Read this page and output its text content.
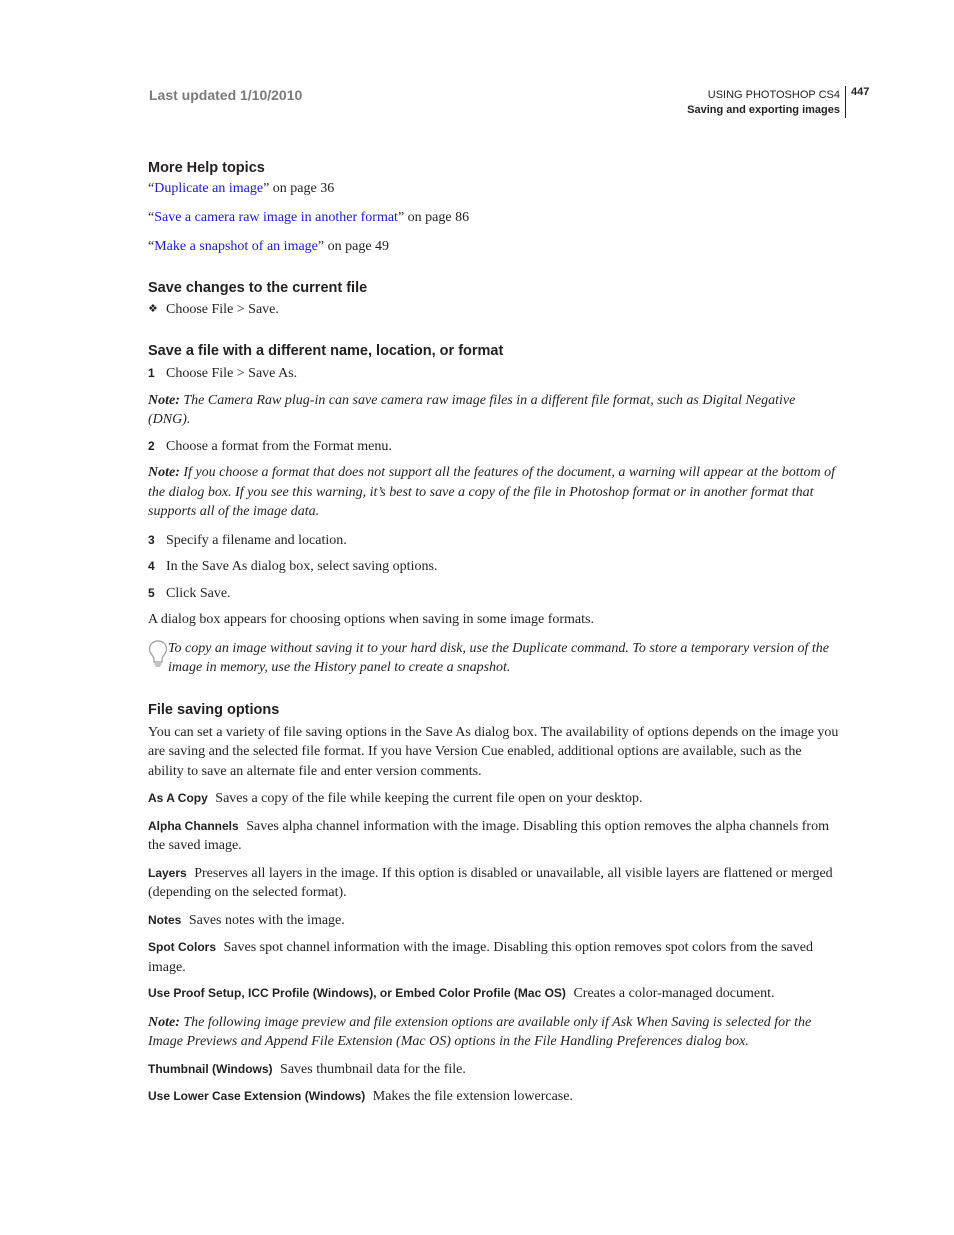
Last updated 1/10/2010	USING PHOTOSHOP CS4
Saving and exporting images
447
More Help topics

“Duplicate an image” on page 36

“Save a camera raw image in another format” on page 86

“Make a snapshot of an image” on page 49

Save changes to the current file
❖ Choose File > Save.
Save a file with a different name, location, or format
1 Choose File > Save As.

Note: The Camera Raw plug-in can save camera raw image files in a different file format, such as Digital Negative (DNG).

2 Choose a format from the Format menu.

Note: If you choose a format that does not support all the features of the document, a warning will appear at the bottom of the dialog box. If you see this warning, it’s best to save a copy of the file in Photoshop format or in another format that supports all of the image data.

3 Specify a filename and location.
4 In the Save As dialog box, select saving options.
5 Click Save.

A dialog box appears for choosing options when saving in some image formats.

To copy an image without saving it to your hard disk, use the Duplicate command. To store a temporary version of the image in memory, use the History panel to create a snapshot.

File saving options

You can set a variety of file saving options in the Save As dialog box. The availability of options depends on the image you are saving and the selected file format. If you have Version Cue enabled, additional options are available, such as the ability to save an alternate file and enter version comments.

As A Copy Saves a copy of the file while keeping the current file open on your desktop.

Alpha Channels Saves alpha channel information with the image. Disabling this option removes the alpha channels from the saved image.

Layers Preserves all layers in the image. If this option is disabled or unavailable, all visible layers are flattened or merged (depending on the selected format).

Notes Saves notes with the image.

Spot Colors Saves spot channel information with the image. Disabling this option removes spot colors from the saved image.

Use Proof Setup, ICC Profile (Windows), or Embed Color Profile (Mac OS) Creates a color-managed document.

Note: The following image preview and file extension options are available only if Ask When Saving is selected for the Image Previews and Append File Extension (Mac OS) options in the File Handling Preferences dialog box.

Thumbnail (Windows) Saves thumbnail data for the file.

Use Lower Case Extension (Windows) Makes the file extension lowercase.
